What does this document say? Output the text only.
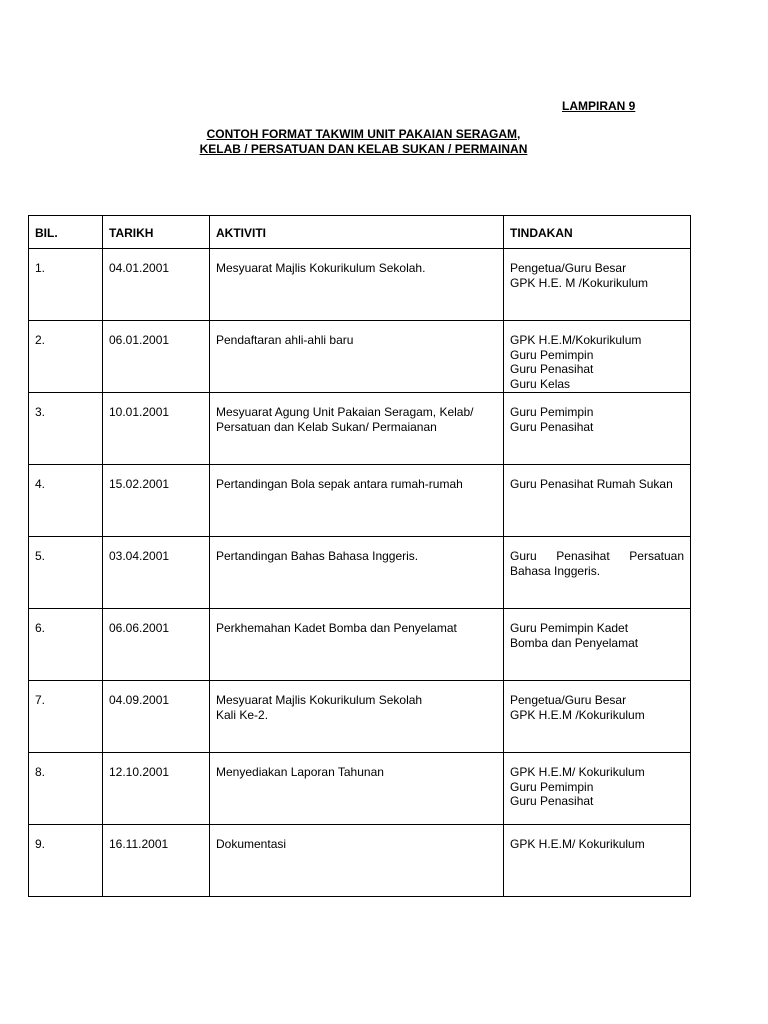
LAMPIRAN 9
CONTOH FORMAT TAKWIM UNIT PAKAIAN SERAGAM,
KELAB / PERSATUAN DAN KELAB SUKAN / PERMAINAN
BIL.	TARIKH	AKTIVITI	TINDAKAN
1.	04.01.2001	Mesyuarat Majlis Kokurikulum Sekolah.	Pengetua/Guru Besar
GPK H.E. M /Kokurikulum

2.	06.01.2001	Pendaftaran ahli-ahli baru	GPK H.E.M/Kokurikulum
Guru Pemimpin
Guru Penasihat
Guru Kelas

3.	10.01.2001	Mesyuarat Agung Unit Pakaian Seragam, Kelab/
Persatuan dan Kelab Sukan/ Permaianan	Guru Pemimpin
Guru Penasihat

4.	15.02.2001	Pertandingan Bola sepak antara rumah-rumah	Guru Penasihat Rumah Sukan

5.	03.04.2001	Pertandingan Bahas Bahasa Inggeris.	Guru Penasihat Persatuan Bahasa Inggeris.

6.	06.06.2001	Perkhemahan Kadet Bomba dan Penyelamat	Guru Pemimpin Kadet
Bomba dan Penyelamat

7.	04.09.2001	Mesyuarat Majlis Kokurikulum Sekolah
Kali Ke-2.	Pengetua/Guru Besar
GPK H.E.M /Kokurikulum

8.	12.10.2001	Menyediakan Laporan Tahunan	GPK H.E.M/ Kokurikulum
Guru Pemimpin
Guru Penasihat

9.	16.11.2001	Dokumentasi	GPK H.E.M/ Kokurikulum
